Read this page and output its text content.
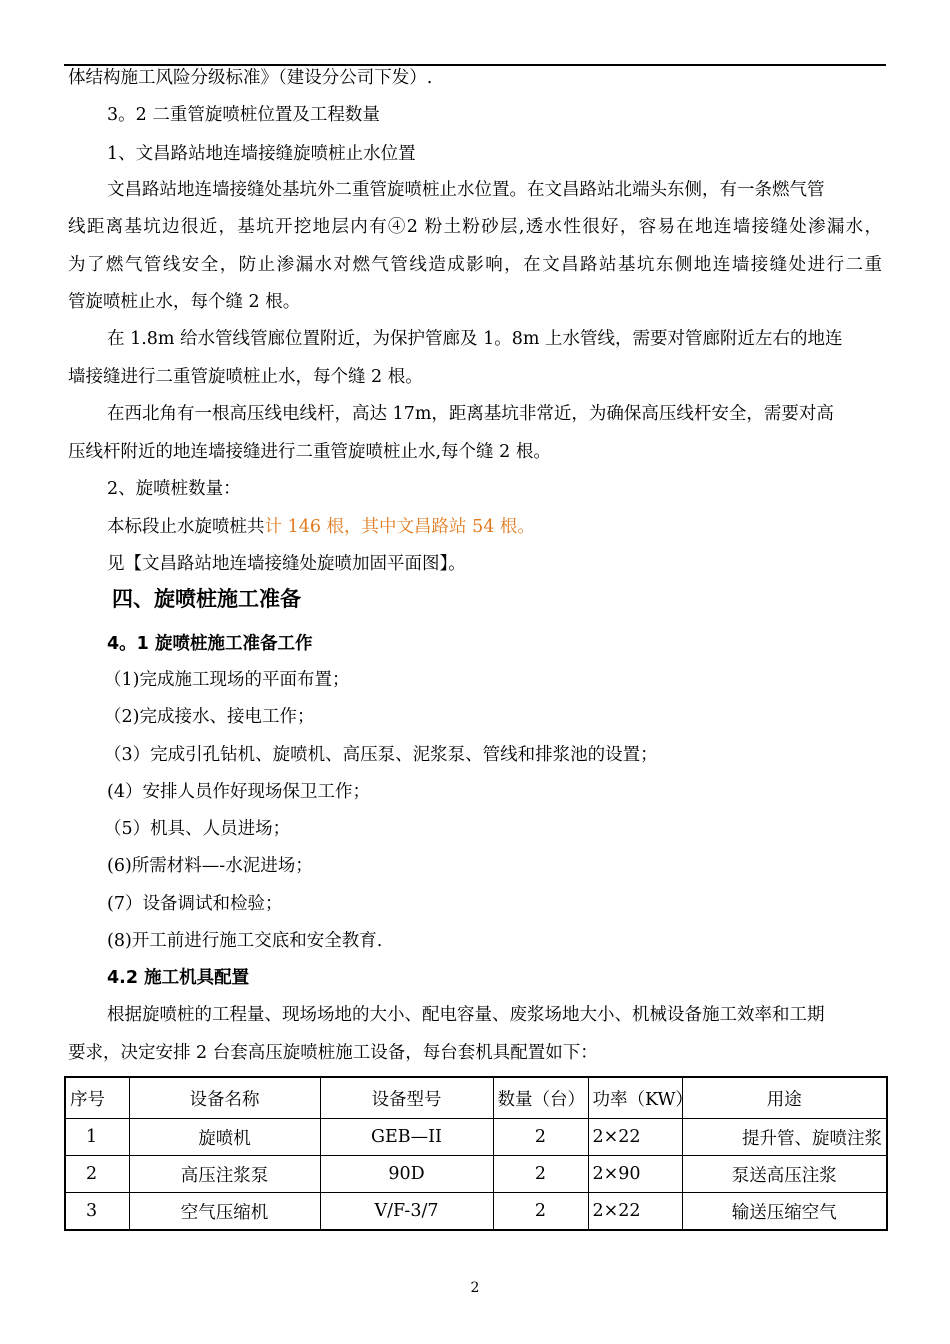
体结构施工风险分级标准》（建设分公司下发）.
3。2 二重管旋喷桩位置及工程数量
1、文昌路站地连墙接缝旋喷桩止水位置
文昌路站地连墙接缝处基坑外二重管旋喷桩止水位置。在文昌路站北端头东侧，有一条燃气管
线距离基坑边很近，基坑开挖地层内有④2 粉土粉砂层,透水性很好，容易在地连墙接缝处渗漏水，
为了燃气管线安全，防止渗漏水对燃气管线造成影响，在文昌路站基坑东侧地连墙接缝处进行二重
管旋喷桩止水，每个缝 2 根。
在 1.8m 给水管线管廊位置附近，为保护管廊及 1。8m 上水管线，需要对管廊附近左右的地连
墙接缝进行二重管旋喷桩止水，每个缝 2 根。
在西北角有一根高压线电线杆，高达 17m，距离基坑非常近，为确保高压线杆安全，需要对高
压线杆附近的地连墙接缝进行二重管旋喷桩止水,每个缝 2 根。
2、旋喷桩数量：
本标段止水旋喷桩共计 146 根，其中文昌路站 54 根。
见【文昌路站地连墙接缝处旋喷加固平面图】。
四、旋喷桩施工准备
4。1 旋喷桩施工准备工作
（1)完成施工现场的平面布置；
（2)完成接水、接电工作；
（3）完成引孔钻机、旋喷机、高压泵、泥浆泵、管线和排浆池的设置；
(4）安排人员作好现场保卫工作；
（5）机具、人员进场；
(6)所需材料—-水泥进场；
(7）设备调试和检验；
(8)开工前进行施工交底和安全教育.
4.2 施工机具配置
根据旋喷桩的工程量、现场场地的大小、配电容量、废浆场地大小、机械设备施工效率和工期
要求，决定安排 2 台套高压旋喷桩施工设备，每台套机具配置如下：
序号	设备名称	设备型号	数量（台）	功率（KW）	用途
1	旋喷机	GEB—II	2	2×22	提升管、旋喷注浆
2	高压注浆泵	90D	2	2×90	泵送高压注浆
3	空气压缩机	V/F-3/7	2	2×22	输送压缩空气
2
